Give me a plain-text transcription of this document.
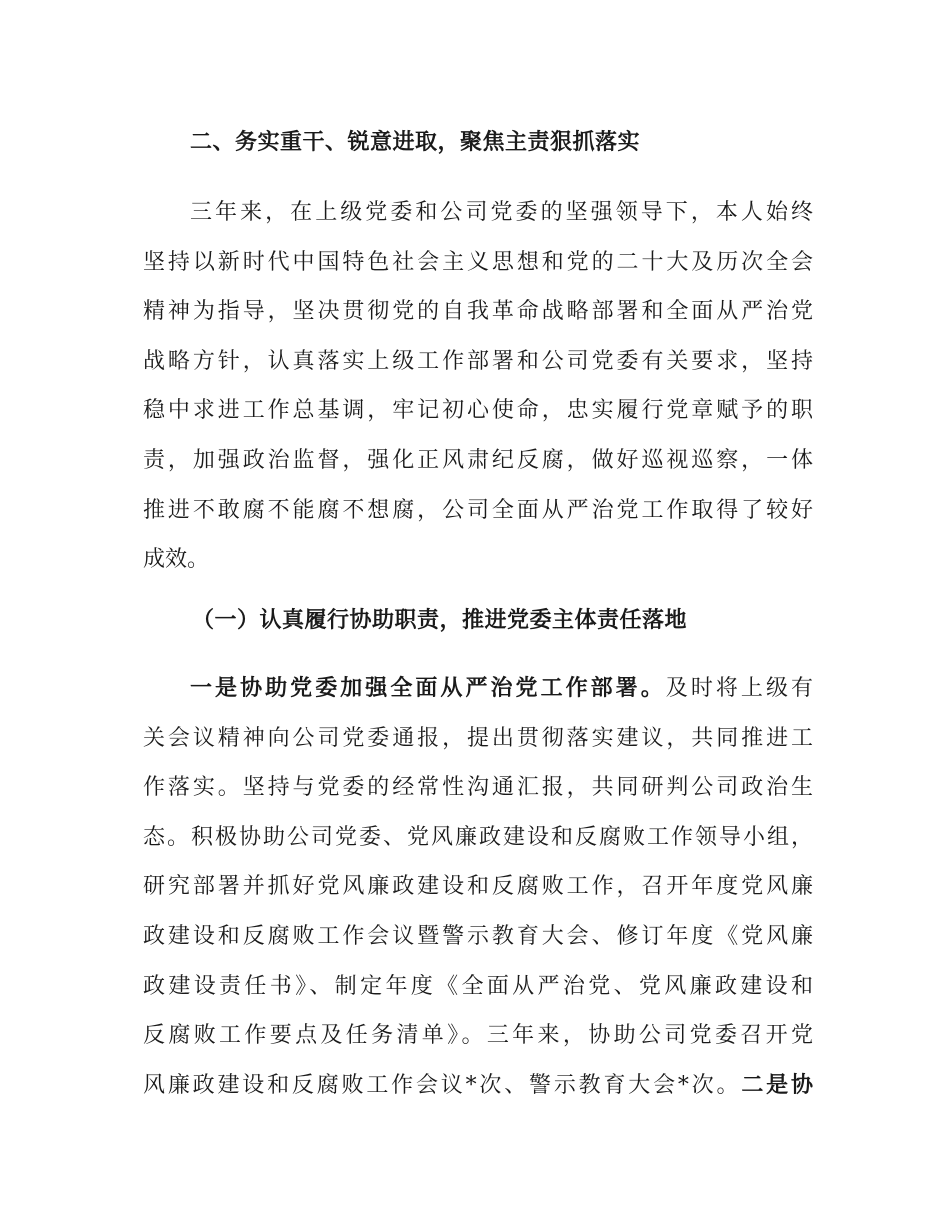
二、务实重干、锐意进取，聚焦主责狠抓落实
三年来，在上级党委和公司党委的坚强领导下，本人始终
坚持以新时代中国特色社会主义思想和党的二十大及历次全会
精神为指导，坚决贯彻党的自我革命战略部署和全面从严治党
战略方针，认真落实上级工作部署和公司党委有关要求，坚持
稳中求进工作总基调，牢记初心使命，忠实履行党章赋予的职
责，加强政治监督，强化正风肃纪反腐，做好巡视巡察，一体
推进不敢腐不能腐不想腐，公司全面从严治党工作取得了较好
成效。
（一）认真履行协助职责，推进党委主体责任落地
一是协助党委加强全面从严治党工作部署。及时将上级有
关会议精神向公司党委通报，提出贯彻落实建议，共同推进工
作落实。坚持与党委的经常性沟通汇报，共同研判公司政治生
态。积极协助公司党委、党风廉政建设和反腐败工作领导小组，
研究部署并抓好党风廉政建设和反腐败工作，召开年度党风廉
政建设和反腐败工作会议暨警示教育大会、修订年度《党风廉
政建设责任书》、制定年度《全面从严治党、党风廉政建设和
反腐败工作要点及任务清单》。三年来，协助公司党委召开党
风廉政建设和反腐败工作会议*次、警示教育大会*次。二是协
